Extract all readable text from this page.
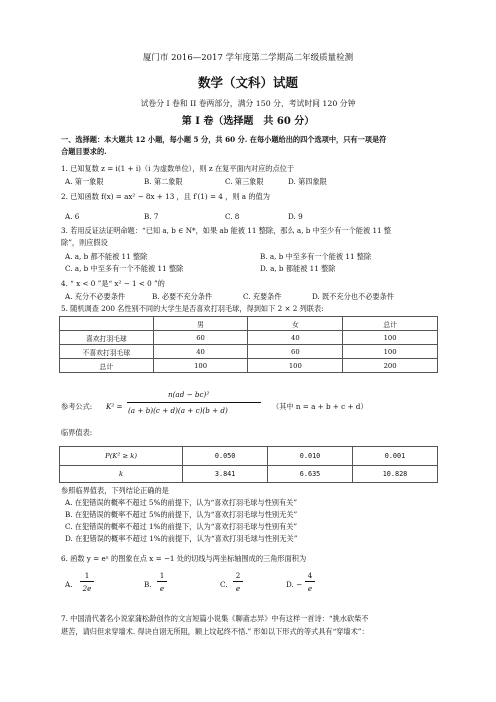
厦门市 2016—2017 学年度第二学期高二年级质量检测
数学（文科）试题
试卷分 I 卷和 II 卷两部分，满分 150 分，考试时间 120 分钟
第 I 卷（选择题　共 60 分）
一、选择题：本大题共 12 小题，每小题 5 分，共 60 分. 在每小题给出的四个选项中，只有一项是符
合题目要求的.
1. 已知复数 z = i(1 + i)（i 为虚数单位），则 z 在复平面内对应的点位于
A. 第一象限	B. 第二象限	C. 第三象限	D. 第四象限
2. 已知函数 f(x) = ax² − 8x + 13 ，且 f′(1) = 4 ，则 a 的值为
A. 6	B. 7	C. 8	D. 9
3. 若用反证法证明命题：“已知 a, b ∈ N*，如果 ab 能被 11 整除，那么 a, b 中至少有一个能被 11 整
除”，则应假设
A. a, b 都不能被 11 整除	B. a, b 中至多有一个能被 11 整除
C. a, b 中至多有一个不能被 11 整除	D. a, b 都能被 11 整除
4. “ x < 0 ”是“ x² − 1 < 0 ”的
A. 充分不必要条件	B. 必要不充分条件	C. 充要条件	D. 既不充分也不必要条件
5. 随机调查 200 名性别不同的大学生是否喜欢打羽毛球，得到如下 2 × 2 列联表:
	男	女	总计
喜欢打羽毛球	60	40	100
不喜欢打羽毛球	40	60	100
总计	100	100	200
参考公式: K² =
n(ad − bc)²
(a + b)(c + d)(a + c)(b + d)	（其中 n = a + b + c + d）
临界值表:
P(K² ≥ k)	0.050	0.010	0.001
k	3.841	6.635	10.828
参照临界值表，下列结论正确的是
A. 在犯错误的概率不超过 5%的前提下，认为“喜欢打羽毛球与性别有关”
B. 在犯错误的概率不超过 5%的前提下，认为“喜欢打羽毛球与性别无关”
C. 在犯错误的概率不超过 1%的前提下，认为“喜欢打羽毛球与性别有关”
D. 在犯错误的概率不超过 1%的前提下，认为“喜欢打羽毛球与性别无关”
6. 函数 y = eˣ 的图象在点 x = −1 处的切线与两坐标轴围成的三角形面积为
A.
1
2e	B.
1
e	C.
2
e	D. −
4
e
7. 中国清代著名小说家蒲松龄创作的文言短篇小说集《聊斋志异》中有这样一首诗：“挑水砍柴不
堪苦，请归但求穿墙术. 得诀自诩无所阻，额上坟起终不悟.” 形如以下形式的等式具有“穿墙术”：
